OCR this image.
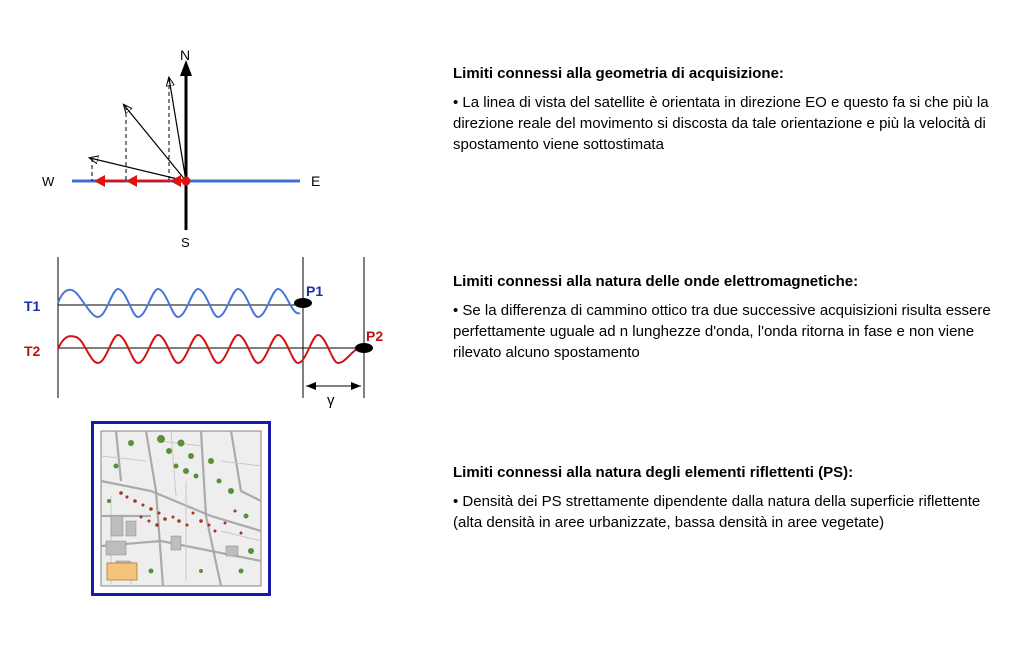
N
S
W	E
T1
T2
P1
P2
γ

Limiti connessi alla geometria di acquisizione:

• La linea di vista del satellite è orientata in direzione EO e questo fa si che più la direzione reale del movimento si discosta da tale orientazione e più la velocità di spostamento viene sottostimata

Limiti connessi alla natura delle onde elettromagnetiche:

• Se la differenza di cammino ottico tra due successive acquisizioni risulta essere perfettamente uguale ad n lunghezze d'onda, l'onda ritorna in fase e non viene rilevato alcuno spostamento

Limiti connessi alla natura degli elementi riflettenti (PS):

• Densità dei PS strettamente dipendente dalla natura della superficie riflettente (alta densità in aree urbanizzate, bassa densità in aree vegetate)
